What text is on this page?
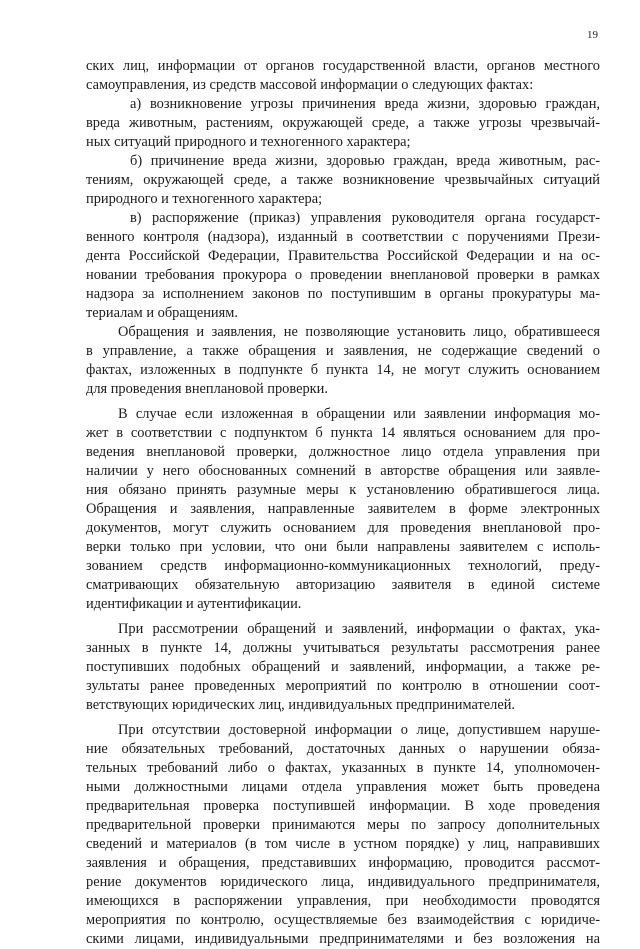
19

ских лиц, информации от органов государственной власти, органов местного
самоуправления, из средств массовой информации о следующих фактах:

а) возникновение угрозы причинения вреда жизни, здоровью граждан,
вреда животным, растениям, окружающей среде, а также угрозы чрезвычай-
ных ситуаций природного и техногенного характера;

б) причинение вреда жизни, здоровью граждан, вреда животным, рас-
тениям, окружающей среде, а также возникновение чрезвычайных ситуаций
природного и техногенного характера;

в) распоряжение (приказ) управления руководителя органа государст-
венного контроля (надзора), изданный в соответствии с поручениями Прези-
дента Российской Федерации, Правительства Российской Федерации и на ос-
новании требования прокурора о проведении внеплановой проверки в рамках
надзора за исполнением законов по поступившим в органы прокуратуры ма-
териалам и обращениям.

Обращения и заявления, не позволяющие установить лицо, обратившееся
в управление, а также обращения и заявления, не содержащие сведений о
фактах, изложенных в подпункте б пункта 14, не могут служить основанием
для проведения внеплановой проверки.

В случае если изложенная в обращении или заявлении информация мо-
жет в соответствии с подпунктом б пункта 14 являться основанием для про-
ведения внеплановой проверки, должностное лицо отдела управления при
наличии у него обоснованных сомнений в авторстве обращения или заявле-
ния обязано принять разумные меры к установлению обратившегося лица.
Обращения и заявления, направленные заявителем в форме электронных
документов, могут служить основанием для проведения внеплановой про-
верки только при условии, что они были направлены заявителем с исполь-
зованием средств информационно-коммуникационных технологий, преду-
сматривающих обязательную авторизацию заявителя в единой системе
идентификации и аутентификации.

При рассмотрении обращений и заявлений, информации о фактах, ука-
занных в пункте 14, должны учитываться результаты рассмотрения ранее
поступивших подобных обращений и заявлений, информации, а также ре-
зультаты ранее проведенных мероприятий по контролю в отношении соот-
ветствующих юридических лиц, индивидуальных предпринимателей.

При отсутствии достоверной информации о лице, допустившем наруше-
ние обязательных требований, достаточных данных о нарушении обяза-
тельных требований либо о фактах, указанных в пункте 14, уполномочен-
ными должностными лицами отдела управления может быть проведена
предварительная проверка поступившей информации. В ходе проведения
предварительной проверки принимаются меры по запросу дополнительных
сведений и материалов (в том числе в устном порядке) у лиц, направивших
заявления и обращения, представивших информацию, проводится рассмот-
рение документов юридического лица, индивидуального предпринимателя,
имеющихся в распоряжении управления, при необходимости проводятся
мероприятия по контролю, осуществляемые без взаимодействия с юридиче-
скими лицами, индивидуальными предпринимателями и без возложения на
